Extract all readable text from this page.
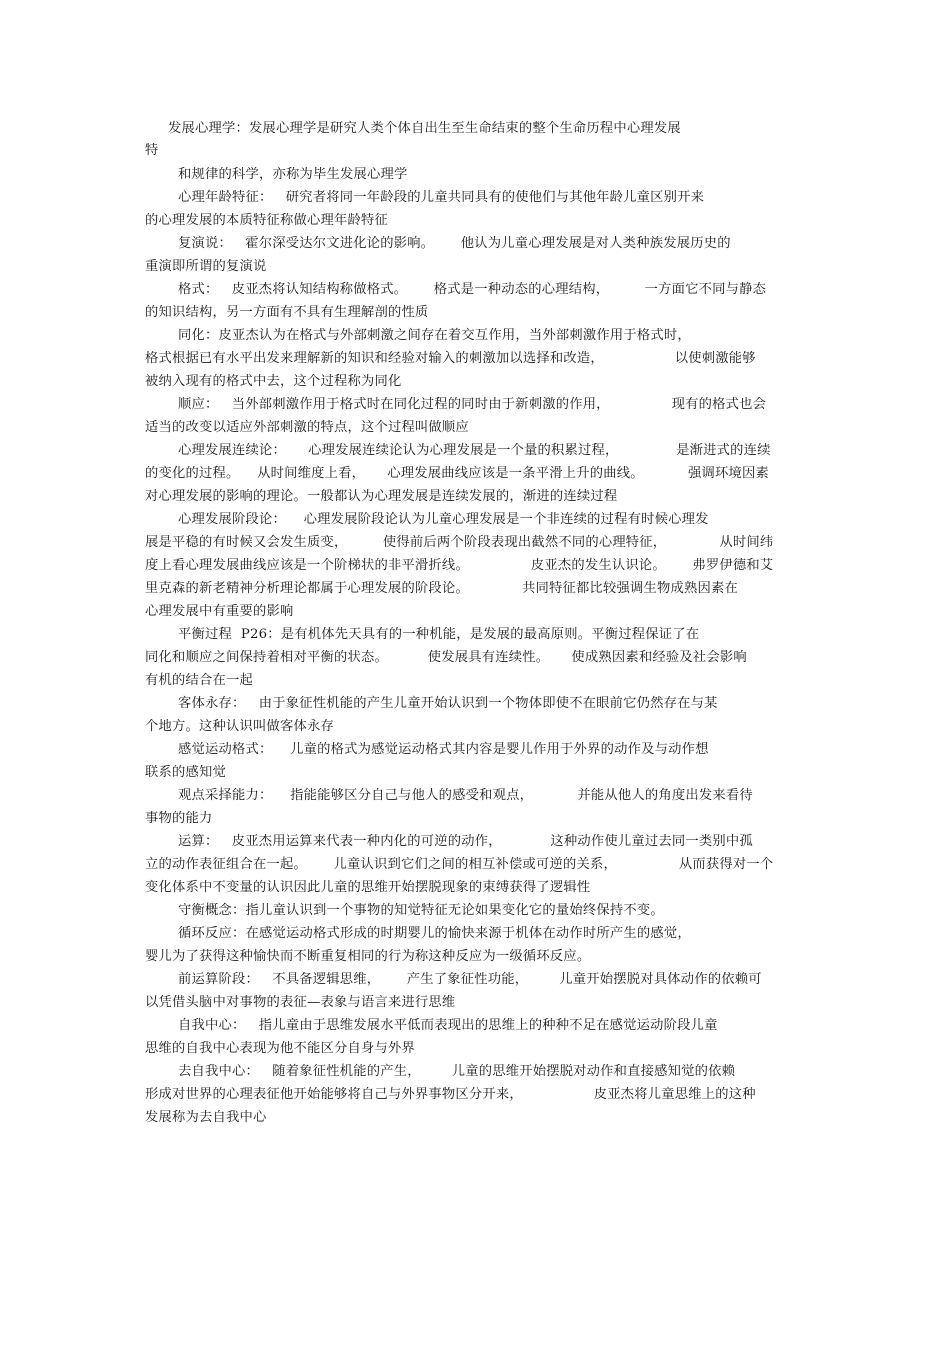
发展心理学：发展心理学是研究人类个体自出生至生命结束的整个生命历程中心理发展
特
和规律的科学，亦称为毕生发展心理学
心理年龄特征：   研究者将同一年龄段的儿童共同具有的使他们与其他年龄儿童区别开来
的心理发展的本质特征称做心理年龄特征
复演说：   霍尔深受达尔文进化论的影响。      他认为儿童心理发展是对人类种族发展历史的
重演即所谓的复演说
格式：   皮亚杰将认知结构称做格式。      格式是一种动态的心理结构，        一方面它不同与静态
的知识结构，另一方面有不具有生理解剖的性质
同化：皮亚杰认为在格式与外部刺激之间存在着交互作用，当外部刺激作用于格式时，
格式根据已有水平出发来理解新的知识和经验对输入的刺激加以选择和改造，                以使刺激能够
被纳入现有的格式中去，这个过程称为同化
顺应：   当外部刺激作用于格式时在同化过程的同时由于新刺激的作用，              现有的格式也会
适当的改变以适应外部刺激的特点，这个过程叫做顺应
心理发展连续论：     心理发展连续论认为心理发展是一个量的积累过程，             是渐进式的连续
的变化的过程。    从时间维度上看，     心理发展曲线应该是一条平滑上升的曲线。          强调环境因素
对心理发展的影响的理论。一般都认为心理发展是连续发展的，渐进的连续过程
心理发展阶段论：    心理发展阶段论认为儿童心理发展是一个非连续的过程有时候心理发
展是平稳的有时候又会发生质变，        使得前后两个阶段表现出截然不同的心理特征，            从时间纬
度上看心理发展曲线应该是一个阶梯状的非平滑折线。              皮亚杰的发生认识论。      弗罗伊德和艾
里克森的新老精神分析理论都属于心理发展的阶段论。            共同特征都比较强调生物成熟因素在
心理发展中有重要的影响
平衡过程  P26：是有机体先天具有的一种机能，是发展的最高原则。平衡过程保证了在
同化和顺应之间保持着相对平衡的状态。         使发展具有连续性。     使成熟因素和经验及社会影响
有机的结合在一起
客体永存：   由于象征性机能的产生儿童开始认识到一个物体即使不在眼前它仍然存在与某
个地方。这种认识叫做客体永存
感觉运动格式：    儿童的格式为感觉运动格式其内容是婴儿作用于外界的动作及与动作想
联系的感知觉
观点采择能力：    指能能够区分自己与他人的感受和观点，          并能从他人的角度出发来看待
事物的能力
运算：   皮亚杰用运算来代表一种内化的可逆的动作，           这种动作使儿童过去同一类别中孤
立的动作表征组合在一起。      儿童认识到它们之间的相互补偿或可逆的关系，              从而获得对一个
变化体系中不变量的认识因此儿童的思维开始摆脱现象的束缚获得了逻辑性
守衡概念：指儿童认识到一个事物的知觉特征无论如果变化它的量始终保持不变。
循环反应：在感觉运动格式形成的时期婴儿的愉快来源于机体在动作时所产生的感觉，
婴儿为了获得这种愉快而不断重复相同的行为称这种反应为一级循环反应。
前运算阶段：   不具备逻辑思维，      产生了象征性功能，       儿童开始摆脱对具体动作的依赖可
以凭借头脑中对事物的表征—表象与语言来进行思维
自我中心：   指儿童由于思维发展水平低而表现出的思维上的种种不足在感觉运动阶段儿童
思维的自我中心表现为他不能区分自身与外界
去自我中心：   随着象征性机能的产生，       儿童的思维开始摆脱对动作和直接感知觉的依赖
形成对世界的心理表征他开始能够将自己与外界事物区分开来，                皮亚杰将儿童思维上的这种
发展称为去自我中心
